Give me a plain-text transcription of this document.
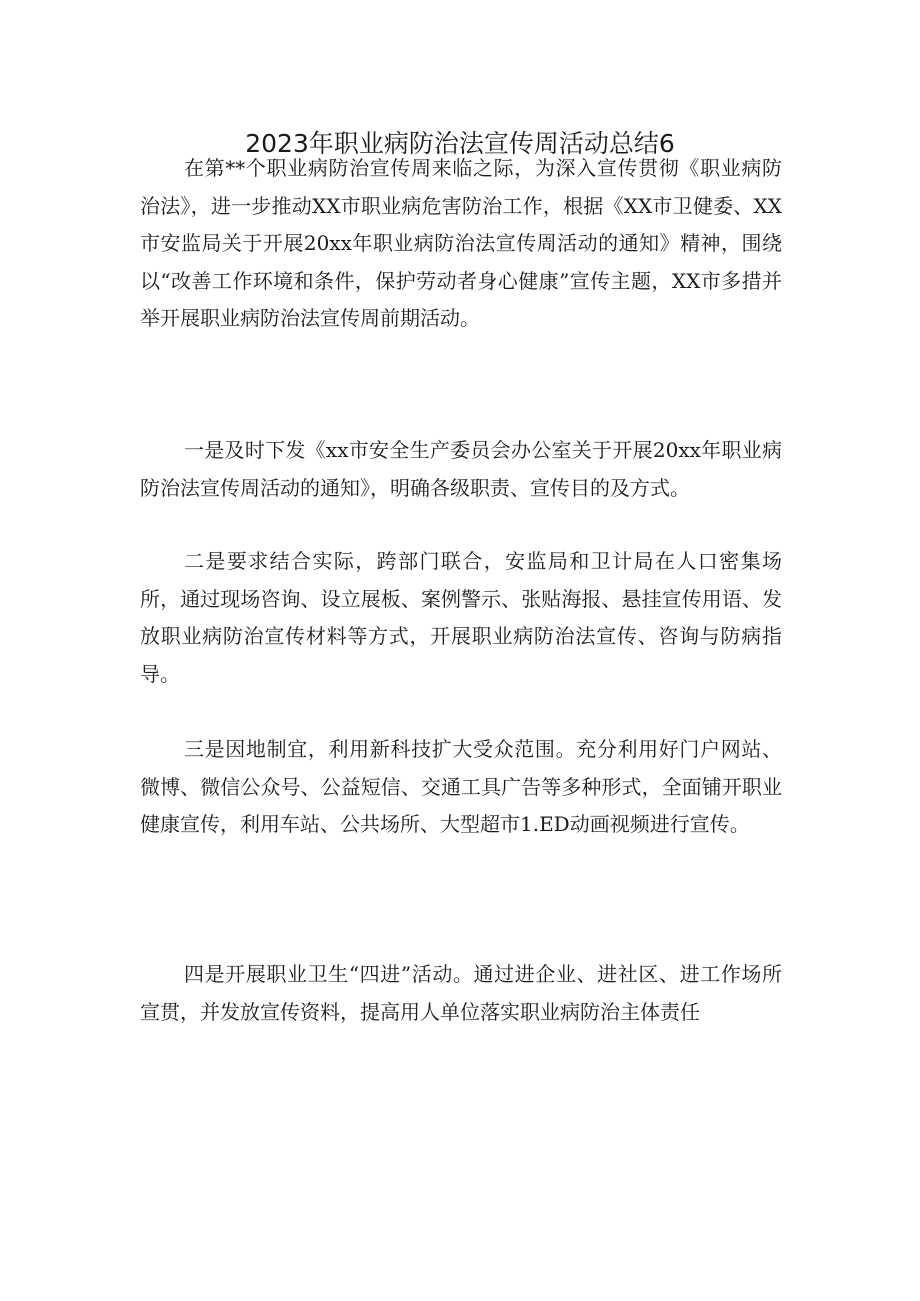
2023年职业病防治法宣传周活动总结6

在第**个职业病防治宣传周来临之际，为深入宣传贯彻《职业病防治法》，进一步推动XX市职业病危害防治工作，根据《XX市卫健委、XX市安监局关于开展20xx年职业病防治法宣传周活动的通知》精神，围绕以“改善工作环境和条件，保护劳动者身心健康”宣传主题，XX市多措并举开展职业病防治法宣传周前期活动。

一是及时下发《xx市安全生产委员会办公室关于开展20xx年职业病防治法宣传周活动的通知》，明确各级职责、宣传目的及方式。

二是要求结合实际，跨部门联合，安监局和卫计局在人口密集场所，通过现场咨询、设立展板、案例警示、张贴海报、悬挂宣传用语、发放职业病防治宣传材料等方式，开展职业病防治法宣传、咨询与防病指导。

三是因地制宜，利用新科技扩大受众范围。充分利用好门户网站、微博、微信公众号、公益短信、交通工具广告等多种形式，全面铺开职业健康宣传，利用车站、公共场所、大型超市1.ED动画视频进行宣传。

四是开展职业卫生“四进”活动。通过进企业、进社区、进工作场所宣贯，并发放宣传资料，提高用人单位落实职业病防治主体责任
